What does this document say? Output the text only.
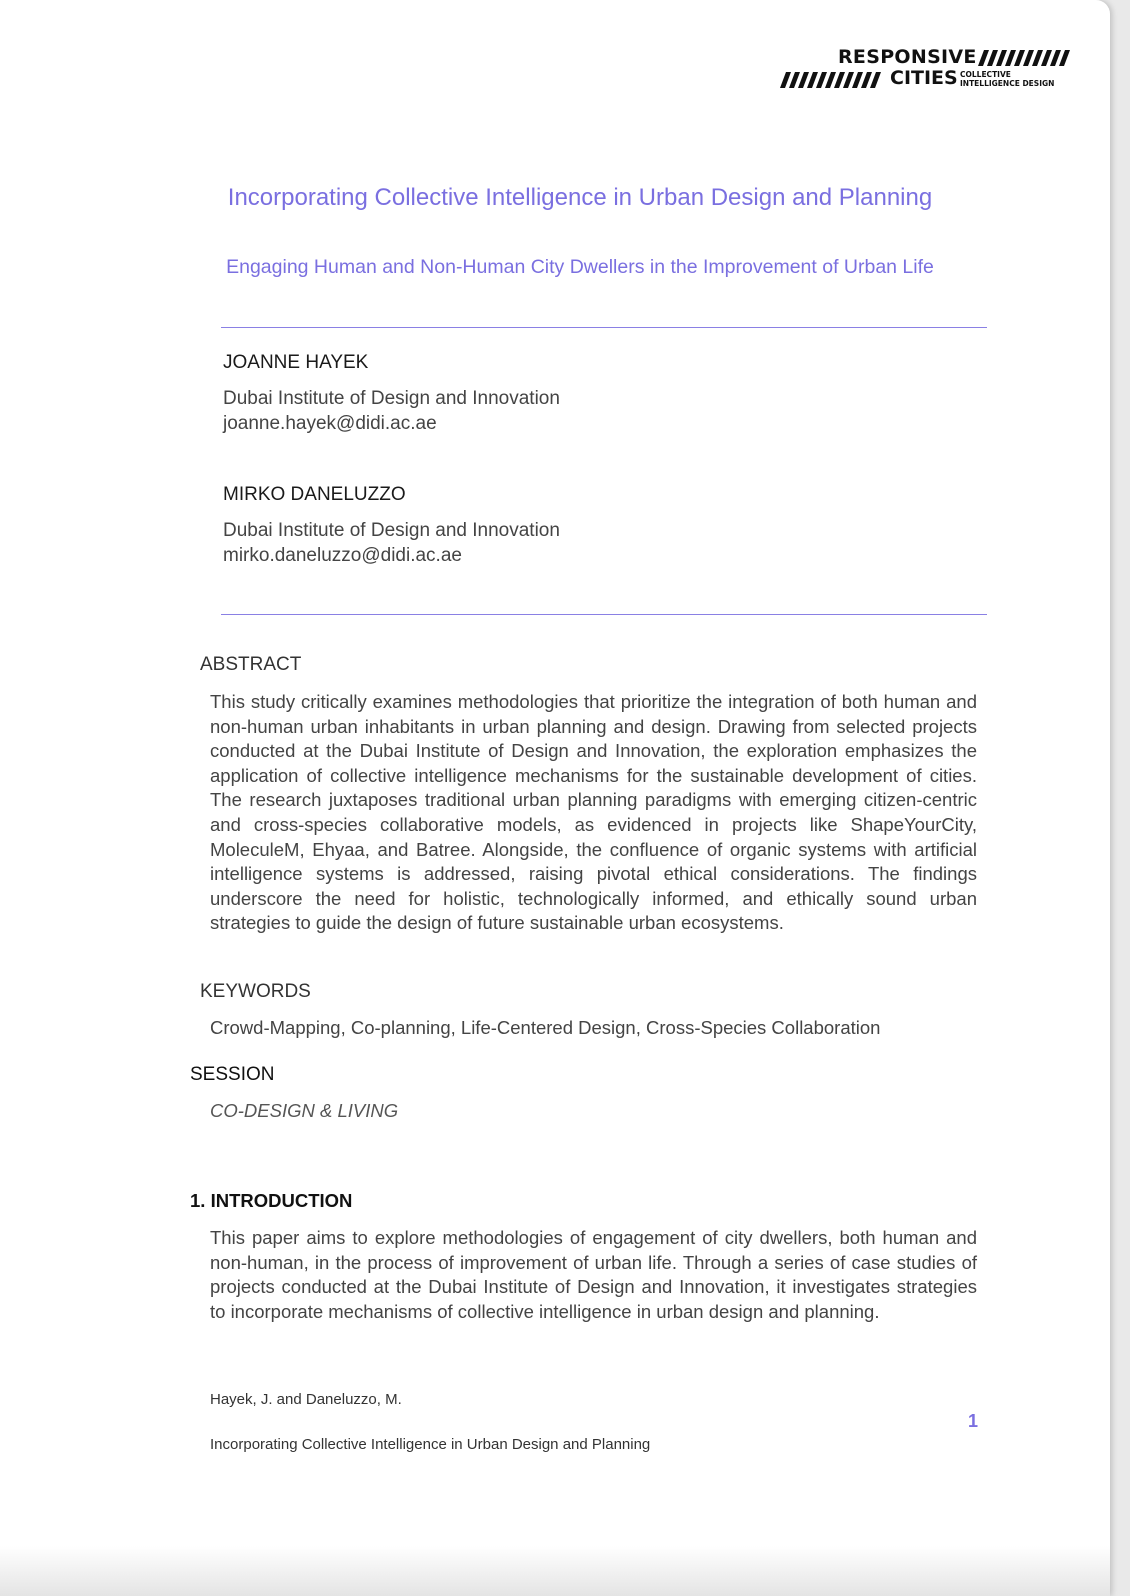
RESPONSIVE
CITIES COLLECTIVE
INTELLIGENCE DESIGN
Incorporating Collective Intelligence in Urban Design and Planning
Engaging Human and Non-Human City Dwellers in the Improvement of Urban Life
JOANNE HAYEK
Dubai Institute of Design and Innovation
joanne.hayek@didi.ac.ae
MIRKO DANELUZZO
Dubai Institute of Design and Innovation
mirko.daneluzzo@didi.ac.ae
ABSTRACT
This study critically examines methodologies that prioritize the integration of both human and non-human urban inhabitants in urban planning and design. Drawing from selected projects conducted at the Dubai Institute of Design and Innovation, the exploration emphasizes the application of collective intelligence mechanisms for the sustainable development of cities. The research juxtaposes traditional urban planning paradigms with emerging citizen-centric and cross-species collaborative models, as evidenced in projects like ShapeYourCity, MoleculeM, Ehyaa, and Batree. Alongside, the confluence of organic systems with artificial intelligence systems is addressed, raising pivotal ethical considerations. The findings underscore the need for holistic, technologically informed, and ethically sound urban strategies to guide the design of future sustainable urban ecosystems.
KEYWORDS
Crowd-Mapping, Co-planning, Life-Centered Design, Cross-Species Collaboration
SESSION
CO-DESIGN & LIVING
1. INTRODUCTION
This paper aims to explore methodologies of engagement of city dwellers, both human and non-human, in the process of improvement of urban life. Through a series of case studies of projects conducted at the Dubai Institute of Design and Innovation, it investigates strategies to incorporate mechanisms of collective intelligence in urban design and planning.
Hayek, J. and Daneluzzo, M.
Incorporating Collective Intelligence in Urban Design and Planning
1
